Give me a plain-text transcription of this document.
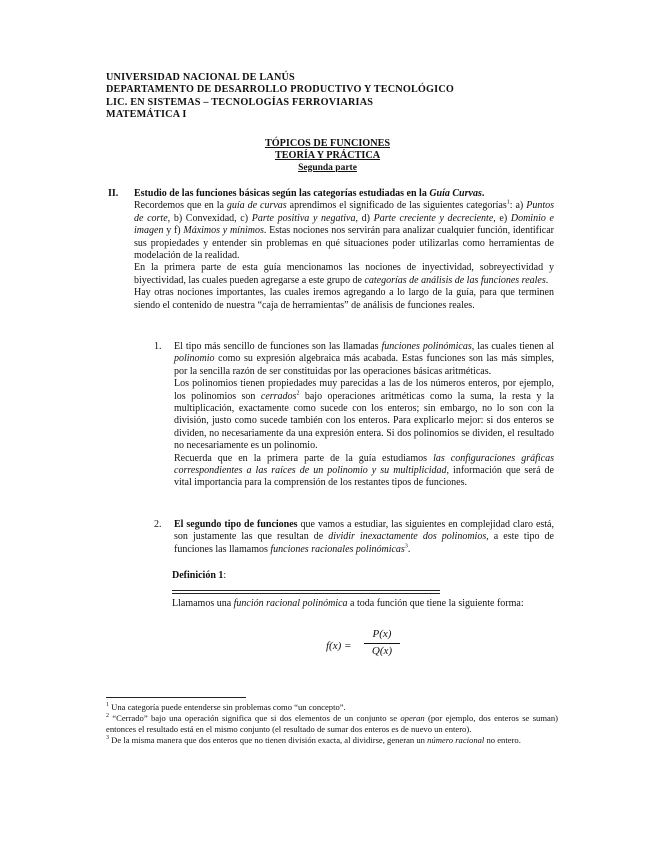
UNIVERSIDAD NACIONAL DE LANÚS
DEPARTAMENTO DE DESARROLLO PRODUCTIVO Y TECNOLÓGICO
LIC. EN SISTEMAS – TECNOLOGÍAS FERROVIARIAS
MATEMÁTICA I
TÓPICOS DE FUNCIONES
TEORÍA Y PRÁCTICA
Segunda parte
II. Estudio de las funciones básicas según las categorías estudiadas en la Guía Curvas.

Recordemos que en la guía de curvas aprendimos el significado de las siguientes categorías$^1$: a) Puntos de corte, b) Convexidad, c) Parte positiva y negativa, d) Parte creciente y decreciente, e) Dominio e imagen y f) Máximos y mínimos. Estas nociones nos servirán para analizar cualquier función, identificar sus propiedades y entender sin problemas en qué situaciones poder utilizarlas como herramientas de modelación de la realidad.

En la primera parte de esta guía mencionamos las nociones de inyectividad, sobreyectividad y biyectividad, las cuales pueden agregarse a este grupo de categorías de análisis de las funciones reales.

Hay otras nociones importantes, las cuales iremos agregando a lo largo de la guía, para que terminen siendo el contenido de nuestra “caja de herramientas” de análisis de funciones reales.

1. El tipo más sencillo de funciones son las llamadas funciones polinómicas, las cuales tienen al polinomio como su expresión algebraica más acabada. Estas funciones son las más simples, por la sencilla razón de ser constituidas por las operaciones básicas aritméticas.

Los polinomios tienen propiedades muy parecidas a las de los números enteros, por ejemplo, los polinomios son cerrados$^2$ bajo operaciones aritméticas como la suma, la resta y la multiplicación, exactamente como sucede con los enteros; sin embargo, no lo son con la división, justo como sucede también con los enteros. Para explicarlo mejor: si dos enteros se dividen, no necesariamente da una expresión entera. Si dos polinomios se dividen, el resultado no necesariamente es un polinomio.

Recuerda que en la primera parte de la guía estudiamos las configuraciones gráficas correspondientes a las raíces de un polinomio y su multiplicidad, información que será de vital importancia para la comprensión de los restantes tipos de funciones.

2. El segundo tipo de funciones que vamos a estudiar, las siguientes en complejidad claro está, son justamente las que resultan de dividir inexactamente dos polinomios, a este tipo de funciones las llamamos funciones racionales polinómicas$^3$.

Definición 1:
Llamamos una función racional polinómica a toda función que tiene la siguiente forma:
f(x) =
P(x)
Q(x)

$^1$ Una categoría puede entenderse sin problemas como “un concepto”.

$^2$ “Cerrado” bajo una operación significa que si dos elementos de un conjunto se operan (por ejemplo, dos enteros se suman) entonces el resultado está en el mismo conjunto (el resultado de sumar dos enteros es de nuevo un entero).

$^3$ De la misma manera que dos enteros que no tienen división exacta, al dividirse, generan un número racional no entero.
